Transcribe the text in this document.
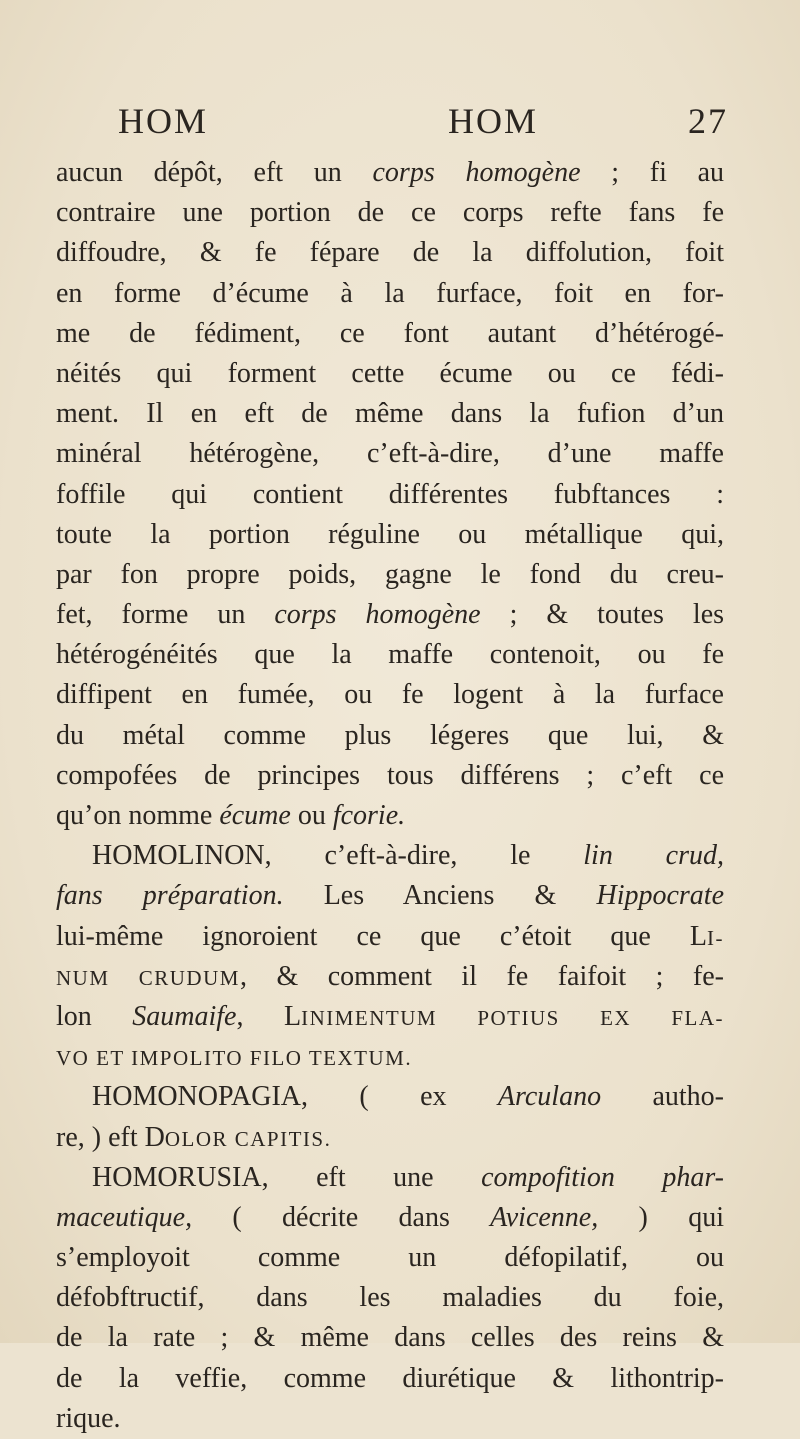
HOM	HOM	27
aucun dépôt, eft un corps homogène ; fi au
contraire une portion de ce corps refte fans fe
diffoudre, & fe fépare de la diffolution, foit
en forme d’écume à la furface, foit en for-
me de fédiment, ce font autant d’hétérogé-
néités qui forment cette écume ou ce fédi-
ment. Il en eft de même dans la fufion d’un
minéral hétérogène, c’eft-à-dire, d’une maffe
foffile qui contient différentes fubftances :
toute la portion réguline ou métallique qui,
par fon propre poids, gagne le fond du creu-
fet, forme un corps homogène ; & toutes les
hétérogénéités que la maffe contenoit, ou fe
diffipent en fumée, ou fe logent à la furface
du métal comme plus légeres que lui, &
compofées de principes tous différens ; c’eft ce
qu’on nomme écume ou fcorie.
HOMOLINON, c’eft-à-dire, le lin crud,
fans préparation. Les Anciens & Hippocrate
lui-même ignoroient ce que c’étoit que LI-
NUM CRUDUM, & comment il fe faifoit ; fe-
lon Saumaife, LINIMENTUM POTIUS EX FLA-
VO ET IMPOLITO FILO TEXTUM.
HOMONOPAGIA, ( ex Arculano autho-
re, ) eft DOLOR CAPITIS.
HOMORUSIA, eft une compofition phar-
maceutique, ( décrite dans Avicenne, ) qui
s’employoit comme un défopilatif, ou
défobftructif, dans les maladies du foie,
de la rate ; & même dans celles des reins &
de la veffie, comme diurétique & lithontrip-
rique.
